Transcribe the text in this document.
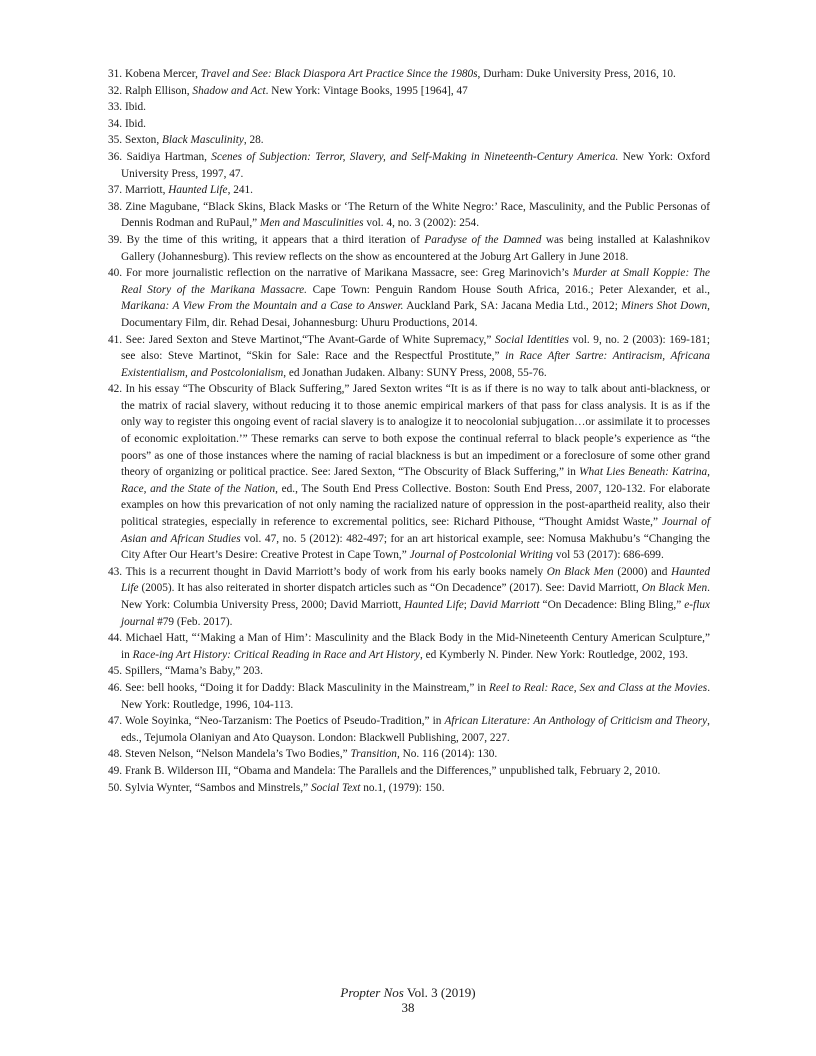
31. Kobena Mercer, Travel and See: Black Diaspora Art Practice Since the 1980s, Durham: Duke University Press, 2016, 10.
32. Ralph Ellison, Shadow and Act. New York: Vintage Books, 1995 [1964], 47
33. Ibid.
34. Ibid.
35. Sexton, Black Masculinity, 28.
36. Saidiya Hartman, Scenes of Subjection: Terror, Slavery, and Self-Making in Nineteenth-Century America. New York: Oxford University Press, 1997, 47.
37. Marriott, Haunted Life, 241.
38. Zine Magubane, “Black Skins, Black Masks or ‘The Return of the White Negro:’ Race, Masculinity, and the Public Personas of Dennis Rodman and RuPaul,” Men and Masculinities vol. 4, no. 3 (2002): 254.
39. By the time of this writing, it appears that a third iteration of Paradyse of the Damned was being installed at Kalashnikov Gallery (Johannesburg). This review reflects on the show as encountered at the Joburg Art Gallery in June 2018.
40. For more journalistic reflection on the narrative of Marikana Massacre, see: Greg Marinovich’s Murder at Small Koppie: The Real Story of the Marikana Massacre. Cape Town: Penguin Random House South Africa, 2016.; Peter Alexander, et al., Marikana: A View From the Mountain and a Case to Answer. Auckland Park, SA: Jacana Media Ltd., 2012; Miners Shot Down, Documentary Film, dir. Rehad Desai, Johannesburg: Uhuru Productions, 2014.
41. See: Jared Sexton and Steve Martinot,“The Avant-Garde of White Supremacy,” Social Identities vol. 9, no. 2 (2003): 169-181; see also: Steve Martinot, “Skin for Sale: Race and the Respectful Prostitute,” in Race After Sartre: Antiracism, Africana Existentialism, and Postcolonialism, ed Jonathan Judaken. Albany: SUNY Press, 2008, 55-76.
42. In his essay “The Obscurity of Black Suffering,” Jared Sexton writes “It is as if there is no way to talk about anti-blackness, or the matrix of racial slavery, without reducing it to those anemic empirical markers of that pass for class analysis. It is as if the only way to register this ongoing event of racial slavery is to analogize it to neocolonial subjugation…or assimilate it to processes of economic exploitation.’” These remarks can serve to both expose the continual referral to black people’s experience as “the poors” as one of those instances where the naming of racial blackness is but an impediment or a foreclosure of some other grand theory of organizing or political practice. See: Jared Sexton, “The Obscurity of Black Suffering,” in What Lies Beneath: Katrina, Race, and the State of the Nation, ed., The South End Press Collective. Boston: South End Press, 2007, 120-132. For elaborate examples on how this prevarication of not only naming the racialized nature of oppression in the post-apartheid reality, also their political strategies, especially in reference to excremental politics, see: Richard Pithouse, “Thought Amidst Waste,” Journal of Asian and African Studies vol. 47, no. 5 (2012): 482-497; for an art historical example, see: Nomusa Makhubu’s “Changing the City After Our Heart’s Desire: Creative Protest in Cape Town,” Journal of Postcolonial Writing vol 53 (2017): 686-699.
43. This is a recurrent thought in David Marriott’s body of work from his early books namely On Black Men (2000) and Haunted Life (2005). It has also reiterated in shorter dispatch articles such as “On Decadence” (2017). See: David Marriott, On Black Men. New York: Columbia University Press, 2000; David Marriott, Haunted Life; David Marriott “On Decadence: Bling Bling,” e-flux journal #79 (Feb. 2017).
44. Michael Hatt, “‘Making a Man of Him’: Masculinity and the Black Body in the Mid-Nineteenth Century American Sculpture,” in Race-ing Art History: Critical Reading in Race and Art History, ed Kymberly N. Pinder. New York: Routledge, 2002, 193.
45. Spillers, “Mama’s Baby,” 203.
46. See: bell hooks, “Doing it for Daddy: Black Masculinity in the Mainstream,” in Reel to Real: Race, Sex and Class at the Movies. New York: Routledge, 1996, 104-113.
47. Wole Soyinka, “Neo-Tarzanism: The Poetics of Pseudo-Tradition,” in African Literature: An Anthology of Criticism and Theory, eds., Tejumola Olaniyan and Ato Quayson. London: Blackwell Publishing, 2007, 227.
48. Steven Nelson, “Nelson Mandela’s Two Bodies,” Transition, No. 116 (2014): 130.
49. Frank B. Wilderson III, “Obama and Mandela: The Parallels and the Differences,” unpublished talk, February 2, 2010.
50. Sylvia Wynter, “Sambos and Minstrels,” Social Text no.1, (1979): 150.
Propter Nos Vol. 3 (2019)
38
